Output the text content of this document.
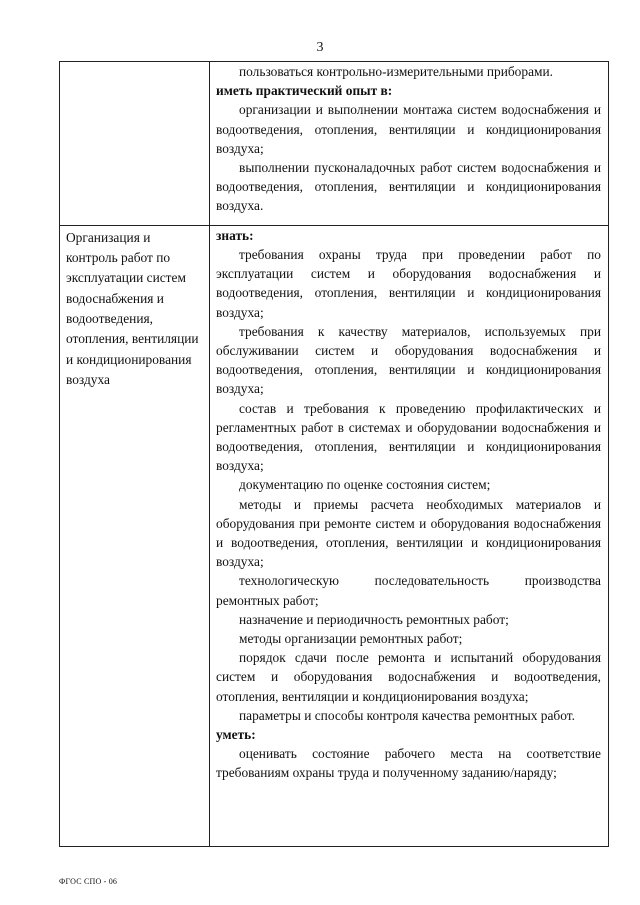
3

пользоваться контрольно-измерительными приборами.

иметь практический опыт в:

организации и выполнении монтажа систем водоснабжения и водоотведения, отопления, вентиляции и кондиционирования воздуха;

выполнении пусконаладочных работ систем водоснабжения и водоотведения, отопления, вентиляции и кондиционирования воздуха.

Организация и контроль работ по эксплуатации систем водоснабжения и водоотведения, отопления, вентиляции и кондиционирования воздуха

знать:

требования охраны труда при проведении работ по эксплуатации систем и оборудования водоснабжения и водоотведения, отопления, вентиляции и кондиционирования воздуха;

требования к качеству материалов, используемых при обслуживании систем и оборудования водоснабжения и водоотведения, отопления, вентиляции и кондиционирования воздуха;

состав и требования к проведению профилактических и регламентных работ в системах и оборудовании водоснабжения и водоотведения, отопления, вентиляции и кондиционирования воздуха;

документацию по оценке состояния систем;

методы и приемы расчета необходимых материалов и оборудования при ремонте систем и оборудования водоснабжения и водоотведения, отопления, вентиляции и кондиционирования воздуха;

технологическую последовательность производства ремонтных работ;

назначение и периодичность ремонтных работ;

методы организации ремонтных работ;

порядок сдачи после ремонта и испытаний оборудования систем и оборудования водоснабжения и водоотведения, отопления, вентиляции и кондиционирования воздуха;

параметры и способы контроля качества ремонтных работ.

уметь:

оценивать состояние рабочего места на соответствие требованиям охраны труда и полученному заданию/наряду;

ФГОС СПО - 06
